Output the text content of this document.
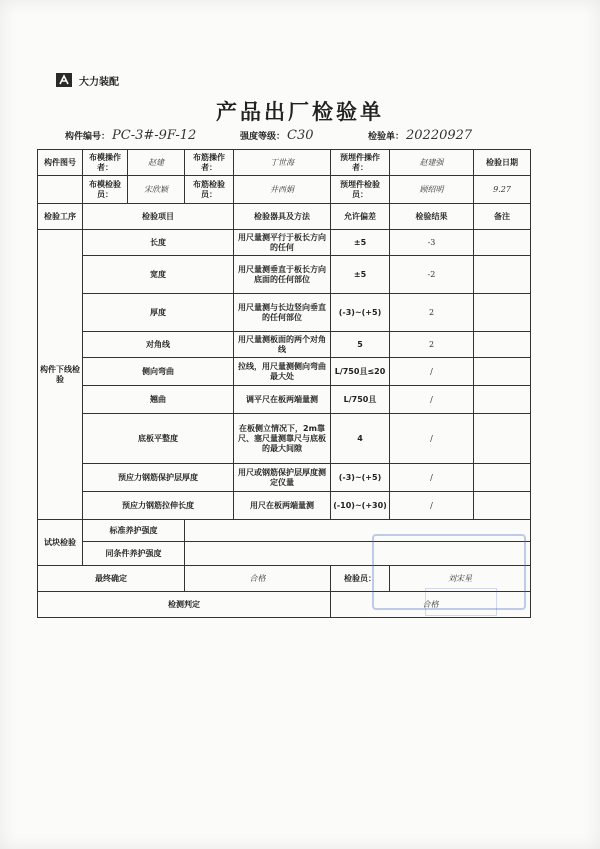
大力装配
产品出厂检验单
构件编号： PC-3#-9F-12	强度等级： C30	检验单： 20220927
构件图号	布模操作者：	赵建	布筋操作者：	丁世海	预埋件操作者：	赵建强	检验日期
	布模检验员：	宋欣颖	布筋检验员：	井西娟	预埋件检验员：	顾绍明	9.27
检验工序	检验项目			检验器具及方法	允许偏差	检验结果	备注
构件下线检验	长度			用尺量测平行于板长方向的任何	±5	-3	
	宽度			用尺量测垂直于板长方向底面的任何部位	±5	-2	
	厚度			用尺量测与长边竖向垂直的任何部位	(-3)~(+5)	2	
	对角线			用尺量测板面的两个对角线	5	2	
	侧向弯曲			拉线，用尺量测侧向弯曲最大处	L/750且≤20	/	
	翘曲			调平尺在板两端量测	L/750且	/	
	底板平整度			在板侧立情况下，2m靠尺、塞尺量测靠尺与底板的最大间隙	4	/	
	预应力钢筋保护层厚度			用尺或钢筋保护层厚度测定仪量	(-3)~(+5)	/	
	预应力钢筋拉伸长度			用尺在板两端量测	(-10)~(+30)	/	
试块检验	标准养护强度						
	同条件养护强度						
最终确定			合格		检验员：	刘宋星	
检测判定					合格		
